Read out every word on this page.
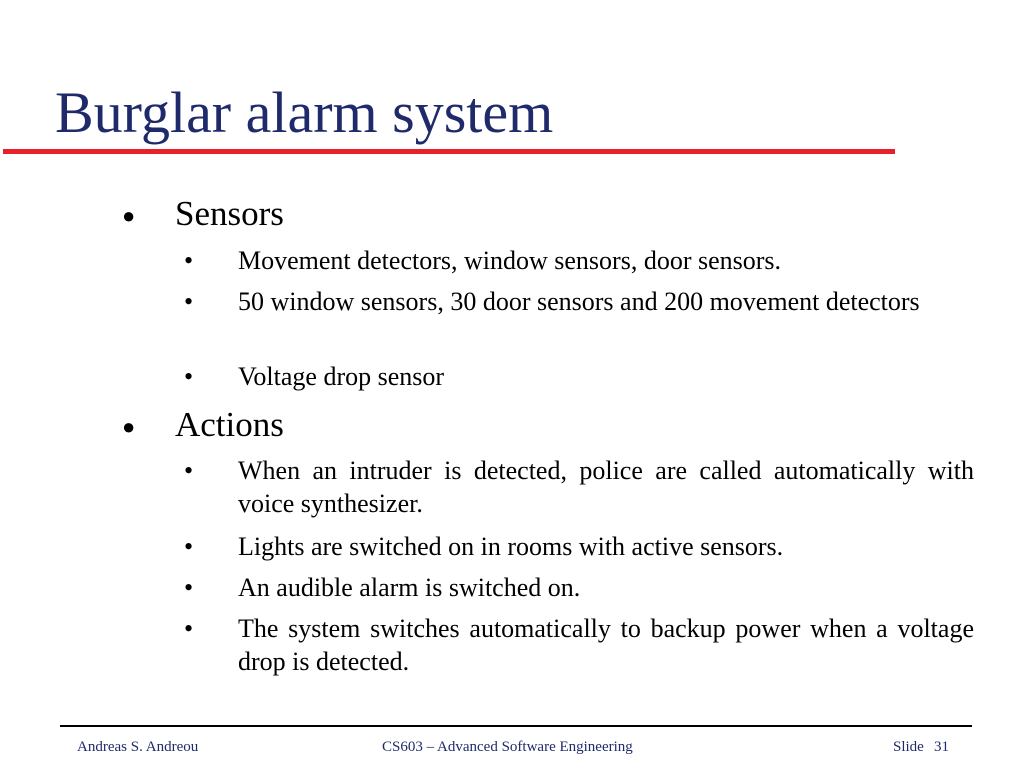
Burglar alarm system
● Sensors
• Movement detectors, window sensors, door sensors.
• 50 window sensors, 30 door sensors and 200 movement detectors
• Voltage drop sensor
● Actions
• When an intruder is detected, police are called automatically with voice synthesizer.
• Lights are switched on in rooms with active sensors.
• An audible alarm is switched on.
• The system switches automatically to backup power when a voltage drop is detected.
Andreas S. Andreou	CS603 – Advanced Software Engineering	Slide 31
